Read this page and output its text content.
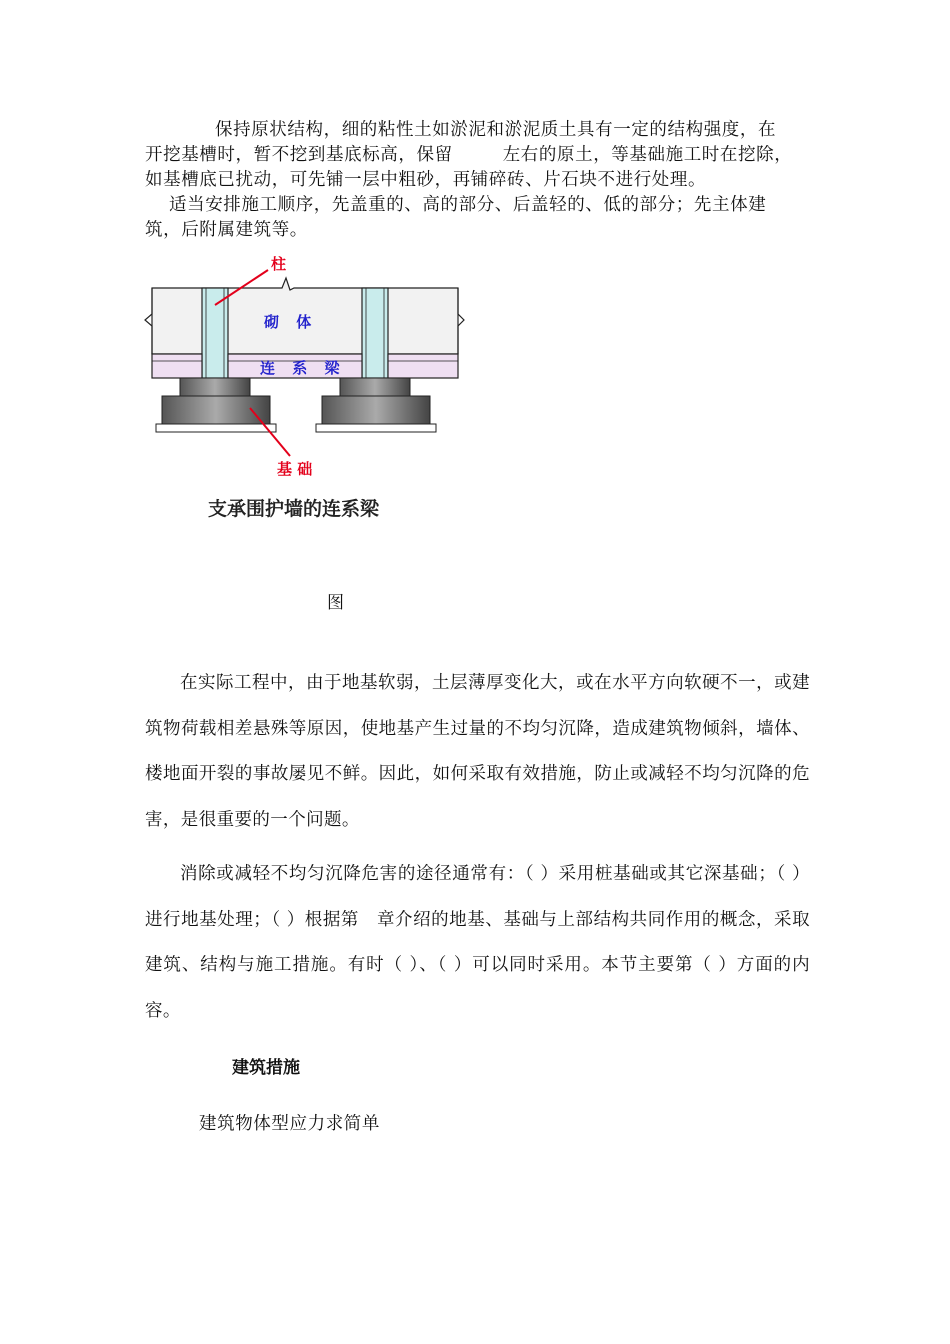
保持原状结构，细的粘性土如淤泥和淤泥质土具有一定的结构强度，在
开挖基槽时，暂不挖到基底标高，保留	左右的原土，等基础施工时在挖除，
如基槽底已扰动，可先铺一层中粗砂，再铺碎砖、片石块不进行处理。
适当安排施工顺序，先盖重的、高的部分、后盖轻的、低的部分；先主体建
筑，后附属建筑等。
柱
砌 体
连 系 梁
基 础
支承围护墙的连系梁
图

在实际工程中，由于地基软弱，土层薄厚变化大，或在水平方向软硬不一，或建筑物荷载相差悬殊等原因，使地基产生过量的不均匀沉降，造成建筑物倾斜，墙体、楼地面开裂的事故屡见不鲜。因此，如何采取有效措施，防止或减轻不均匀沉降的危害，是很重要的一个问题。

消除或减轻不均匀沉降危害的途径通常有：（ ）采用桩基础或其它深基础；（ ）进行地基处理；（ ）根据第　章介绍的地基、基础与上部结构共同作用的概念，采取建筑、结构与施工措施。有时（ ）、（ ）可以同时采用。本节主要第（ ）方面的内容。

建筑措施
建筑物体型应力求简单
